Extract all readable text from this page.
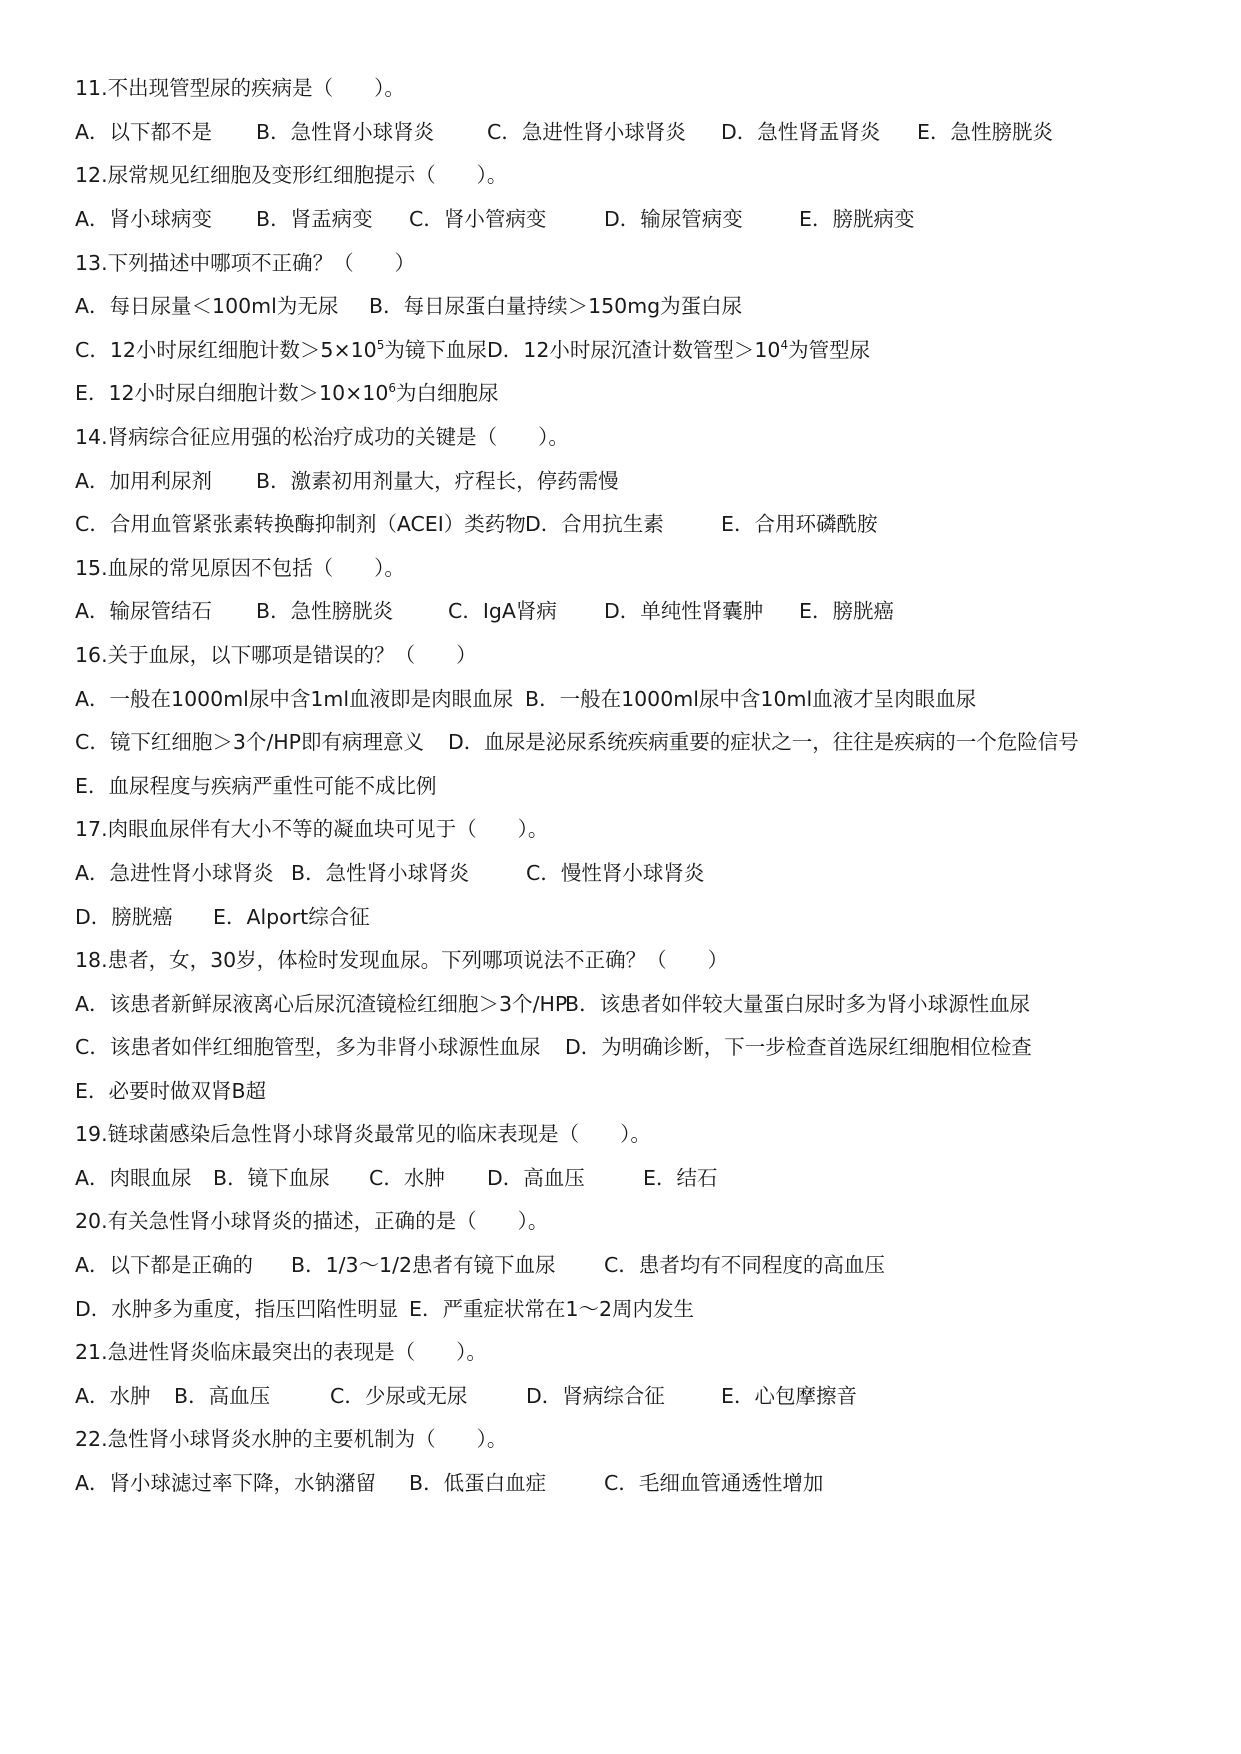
11.不出现管型尿的疾病是（　　）。
A．以下都不是 B．急性肾小球肾炎	C．急进性肾小球肾炎 D．急性肾盂肾炎 E．急性膀胱炎
12.尿常规见红细胞及变形红细胞提示（　　）。
A．肾小球病变 B．肾盂病变 C．肾小管病变	D．输尿管病变	E．膀胱病变
13.下列描述中哪项不正确？（　　）
A．每日尿量＜100ml为无尿 B．每日尿蛋白量持续＞150mg为蛋白尿
C．12小时尿红细胞计数$>5\times 10^5$为镜下血尿 D．12小时尿沉渣计数管型$>10^4$为管型尿
E．12小时尿白细胞计数$>10\times 10^6$为白细胞尿
14.肾病综合征应用强的松治疗成功的关键是（　　）。
A．加用利尿剂 B．激素初用剂量大，疗程长，停药需慢
C．合用血管紧张素转换酶抑制剂（ACEI）类药物 D．合用抗生素	E．合用环磷酰胺
15.血尿的常见原因不包括（　　）。
A．输尿管结石 B．急性膀胱炎	C．IgA肾病 D．单纯性肾囊肿 E．膀胱癌
16.关于血尿，以下哪项是错误的？（　　）
A．一般在1000ml尿中含1ml血液即是肉眼血尿 B．一般在1000ml尿中含10ml血液才呈肉眼血尿
C．镜下红细胞＞3个/HP即有病理意义 D．血尿是泌尿系统疾病重要的症状之一，往往是疾病的一个危险信号
E．血尿程度与疾病严重性可能不成比例
17.肉眼血尿伴有大小不等的凝血块可见于（　　）。
A．急进性肾小球肾炎 B．急性肾小球肾炎	C．慢性肾小球肾炎
D．膀胱癌 E．Alport综合征
18.患者，女，30岁，体检时发现血尿。下列哪项说法不正确？（　　）
A．该患者新鲜尿液离心后尿沉渣镜检红细胞＞3个/HP
B．该患者如伴较大量蛋白尿时多为肾小球源性血尿
C．该患者如伴红细胞管型，多为非肾小球源性血尿 D．为明确诊断，下一步检查首选尿红细胞相位检查
E．必要时做双肾B超
19.链球菌感染后急性肾小球肾炎最常见的临床表现是（　　）。
A．肉眼血尿 B．镜下血尿 C．水肿 D．高血压	E．结石
20.有关急性肾小球肾炎的描述，正确的是（　　）。
A．以下都是正确的 B．1/3～1/2患者有镜下血尿 C．患者均有不同程度的高血压
D．水肿多为重度，指压凹陷性明显 E．严重症状常在1～2周内发生
21.急进性肾炎临床最突出的表现是（　　）。
A．水肿 B．高血压	C．少尿或无尿	D．肾病综合征	E．心包摩擦音
22.急性肾小球肾炎水肿的主要机制为（　　）。
A．肾小球滤过率下降，水钠潴留 B．低蛋白血症	C．毛细血管通透性增加
